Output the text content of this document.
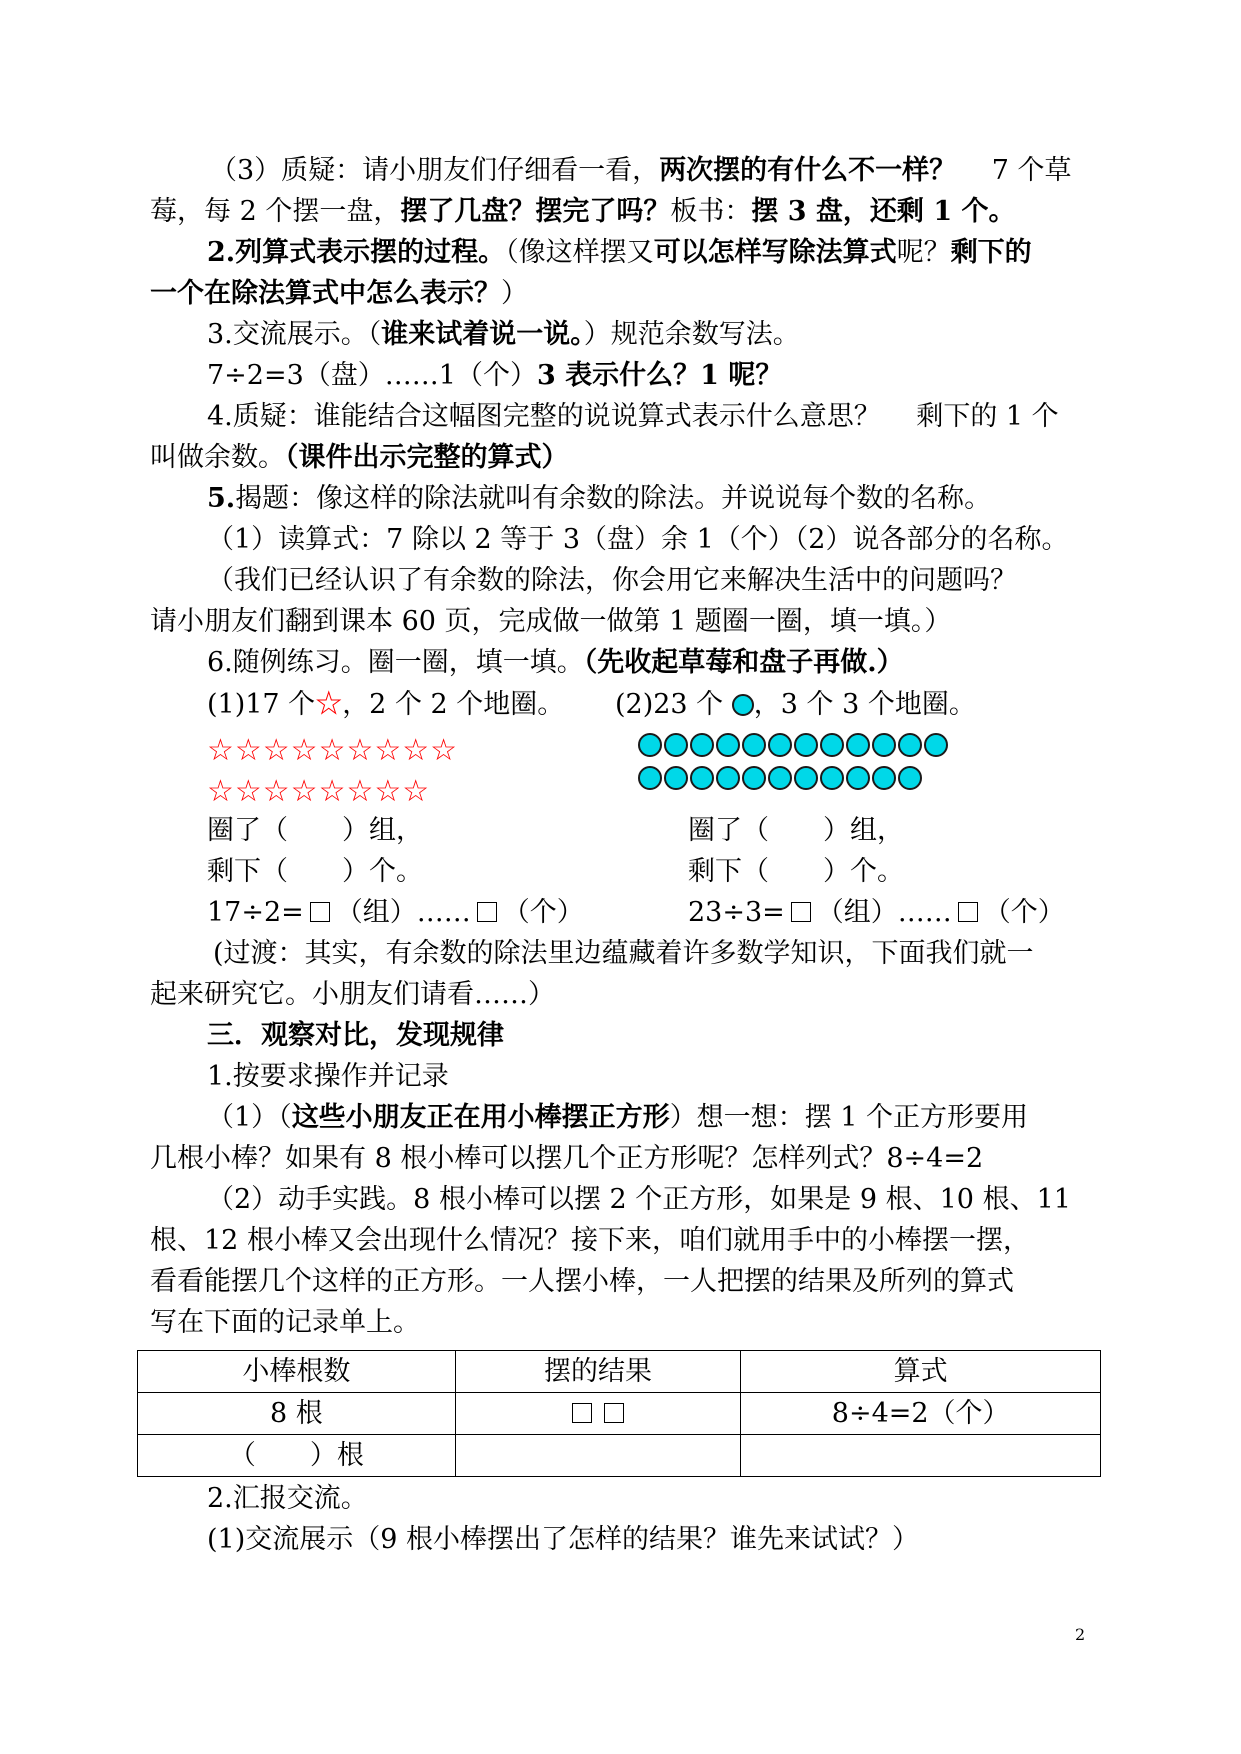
（3）质疑：请小朋友们仔细看一看，两次摆的有什么不一样？　 7 个草
莓，每 2 个摆一盘，摆了几盘？摆完了吗？板书：摆 3 盘，还剩 1 个。
2.列算式表示摆的过程。（像这样摆又可以怎样写除法算式呢？剩下的
一个在除法算式中怎么表示？）
3.交流展示。（谁来试着说一说。）规范余数写法。
7÷2=3（盘）……1（个）3 表示什么？1 呢？
4.质疑：谁能结合这幅图完整的说说算式表示什么意思？　 剩下的 1 个
叫做余数。（课件出示完整的算式）
5.揭题：像这样的除法就叫有余数的除法。并说说每个数的名称。
（1）读算式：7 除以 2 等于 3（盘）余 1（个）（2）说各部分的名称。
（我们已经认识了有余数的除法，你会用它来解决生活中的问题吗？
请小朋友们翻到课本 60 页，完成做一做第 1 题圈一圈，填一填。）
6.随例练习。圈一圈，填一填。（先收起草莓和盘子再做.）
(1)17 个☆，2 个 2 个地圈。
☆☆☆☆☆☆☆☆☆
☆☆☆☆☆☆☆☆
圈了（　　）组，
剩下（　　）个。
17÷2= （组）…… （个）
(2)23 个 ，3 个 3 个地圈。
圈了（　　）组，
剩下（　　）个。
23÷3= （组）…… （个）
(过渡：其实，有余数的除法里边蕴藏着许多数学知识，下面我们就一
起来研究它。小朋友们请看……）
三．观察对比，发现规律
1.按要求操作并记录
（1）（这些小朋友正在用小棒摆正方形）想一想：摆 1 个正方形要用
几根小棒？如果有 8 根小棒可以摆几个正方形呢？怎样列式？8÷4=2
（2）动手实践。8 根小棒可以摆 2 个正方形，如果是 9 根、10 根、11
根、12 根小棒又会出现什么情况？接下来，咱们就用手中的小棒摆一摆，
看看能摆几个这样的正方形。一人摆小棒，一人把摆的结果及所列的算式
写在下面的记录单上。
小棒根数	摆的结果	算式
8 根		8÷4=2（个）
（　　）根		
2.汇报交流。
(1)交流展示（9 根小棒摆出了怎样的结果？谁先来试试？）
2
